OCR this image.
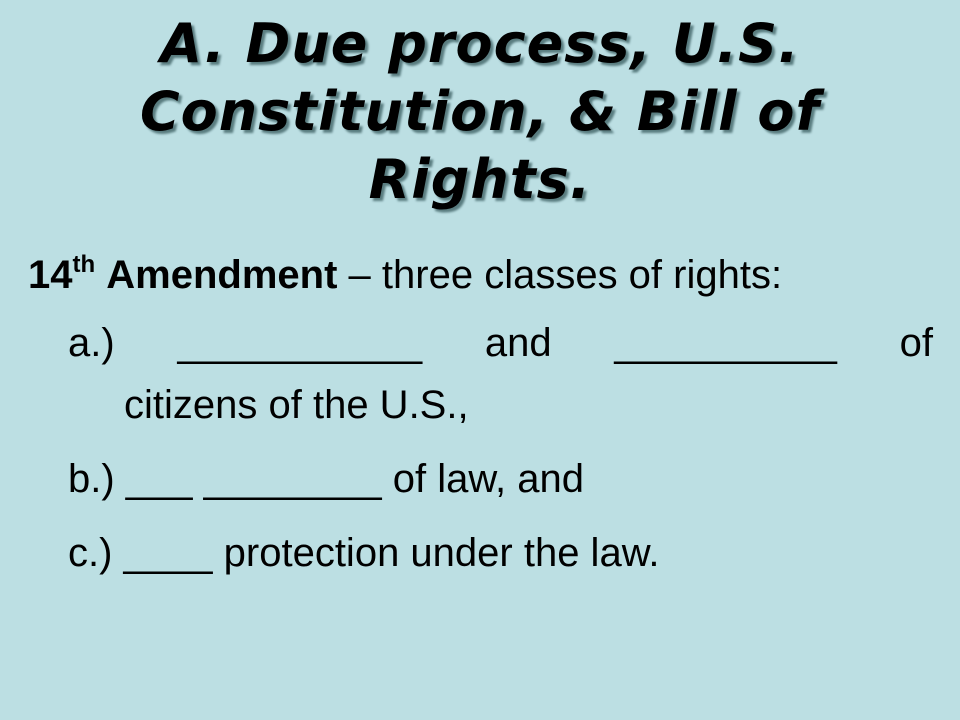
A. Due process, U.S.
Constitution, & Bill of
Rights.

14th Amendment – three classes of rights:

a.) ___________ and __________ of
citizens of the U.S.,
b.) ___ ________ of law, and
c.) ____ protection under the law.
